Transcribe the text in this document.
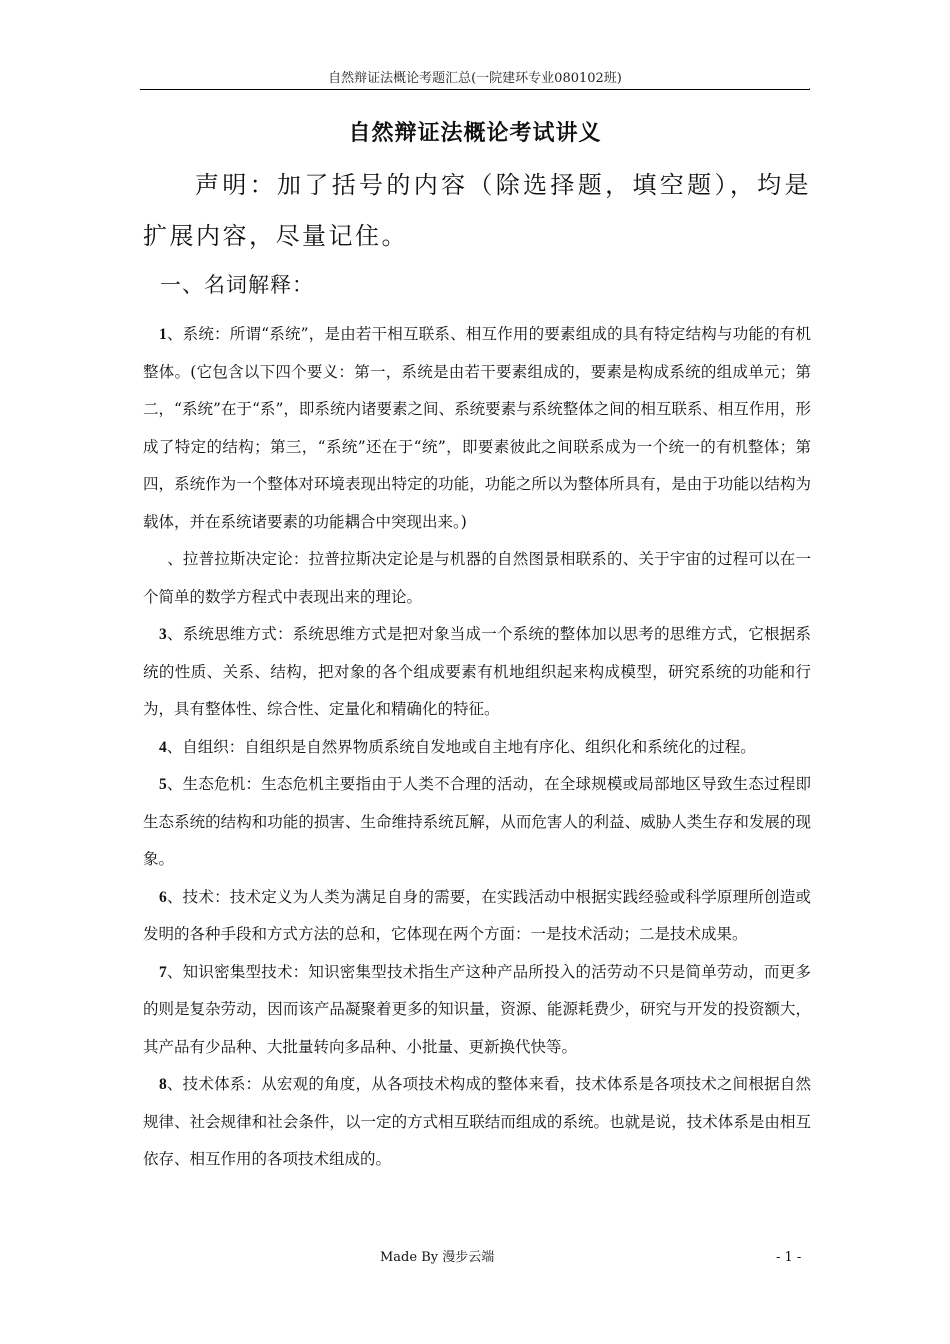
自然辩证法概论考题汇总(一院建环专业080102班)
,
自然辩证法概论考试讲义
声明：加了括号的内容（除选择题，填空题），均是扩展内容，尽量记住。
一、名词解释：

1、系统：所谓“系统”，是由若干相互联系、相互作用的要素组成的具有特定结构与功能的有机整体。(它包含以下四个要义：第一，系统是由若干要素组成的，要素是构成系统的组成单元；第二，“系统”在于“系”，即系统内诸要素之间、系统要素与系统整体之间的相互联系、相互作用，形成了特定的结构；第三，“系统”还在于“统”，即要素彼此之间联系成为一个统一的有机整体；第四，系统作为一个整体对环境表现出特定的功能，功能之所以为整体所具有，是由于功能以结构为载体，并在系统诸要素的功能耦合中突现出来。)

、拉普拉斯决定论：拉普拉斯决定论是与机器的自然图景相联系的、关于宇宙的过程可以在一个简单的数学方程式中表现出来的理论。

3、系统思维方式：系统思维方式是把对象当成一个系统的整体加以思考的思维方式，它根据系统的性质、关系、结构，把对象的各个组成要素有机地组织起来构成模型，研究系统的功能和行为，具有整体性、综合性、定量化和精确化的特征。

4、自组织：自组织是自然界物质系统自发地或自主地有序化、组织化和系统化的过程。

5、生态危机：生态危机主要指由于人类不合理的活动，在全球规模或局部地区导致生态过程即生态系统的结构和功能的损害、生命维持系统瓦解，从而危害人的利益、威胁人类生存和发展的现象。

6、技术：技术定义为人类为满足自身的需要，在实践活动中根据实践经验或科学原理所创造或发明的各种手段和方式方法的总和，它体现在两个方面：一是技术活动；二是技术成果。

7、知识密集型技术：知识密集型技术指生产这种产品所投入的活劳动不只是简单劳动，而更多的则是复杂劳动，因而该产品凝聚着更多的知识量，资源、能源耗费少，研究与开发的投资额大，其产品有少品种、大批量转向多品种、小批量、更新换代快等。

8、技术体系：从宏观的角度，从各项技术构成的整体来看，技术体系是各项技术之间根据自然规律、社会规律和社会条件，以一定的方式相互联结而组成的系统。也就是说，技术体系是由相互依存、相互作用的各项技术组成的。

Made By 漫步云端	- 1 -
